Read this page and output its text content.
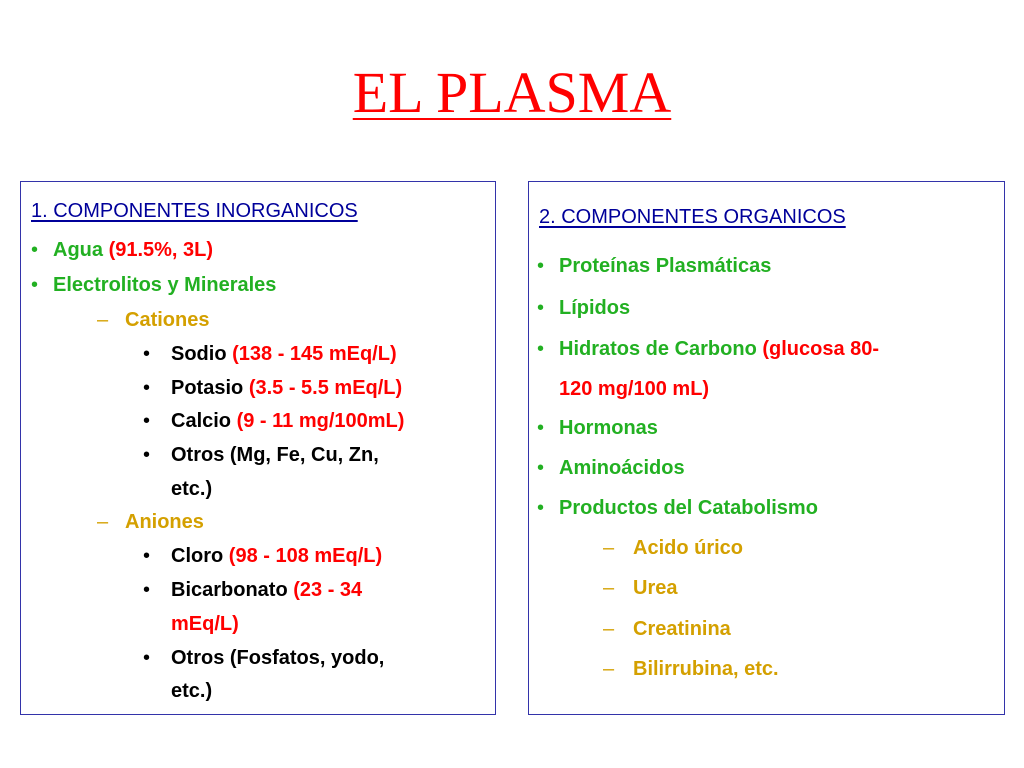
EL PLASMA
1. COMPONENTES INORGANICOS
• Agua (91.5%, 3L)
• Electrolitos y Minerales
– Cationes
• Sodio (138 - 145 mEq/L)
• Potasio (3.5 - 5.5 mEq/L)
• Calcio (9 - 11 mg/100mL)
• Otros (Mg, Fe, Cu, Zn,
etc.)
– Aniones
• Cloro (98 - 108 mEq/L)
• Bicarbonato (23 - 34
mEq/L)
• Otros (Fosfatos, yodo,
etc.)
2. COMPONENTES ORGANICOS
• Proteínas Plasmáticas
• Lípidos
• Hidratos de Carbono (glucosa 80-
120 mg/100 mL)
• Hormonas
• Aminoácidos
• Productos del Catabolismo
– Acido úrico
– Urea
– Creatinina
– Bilirrubina, etc.
